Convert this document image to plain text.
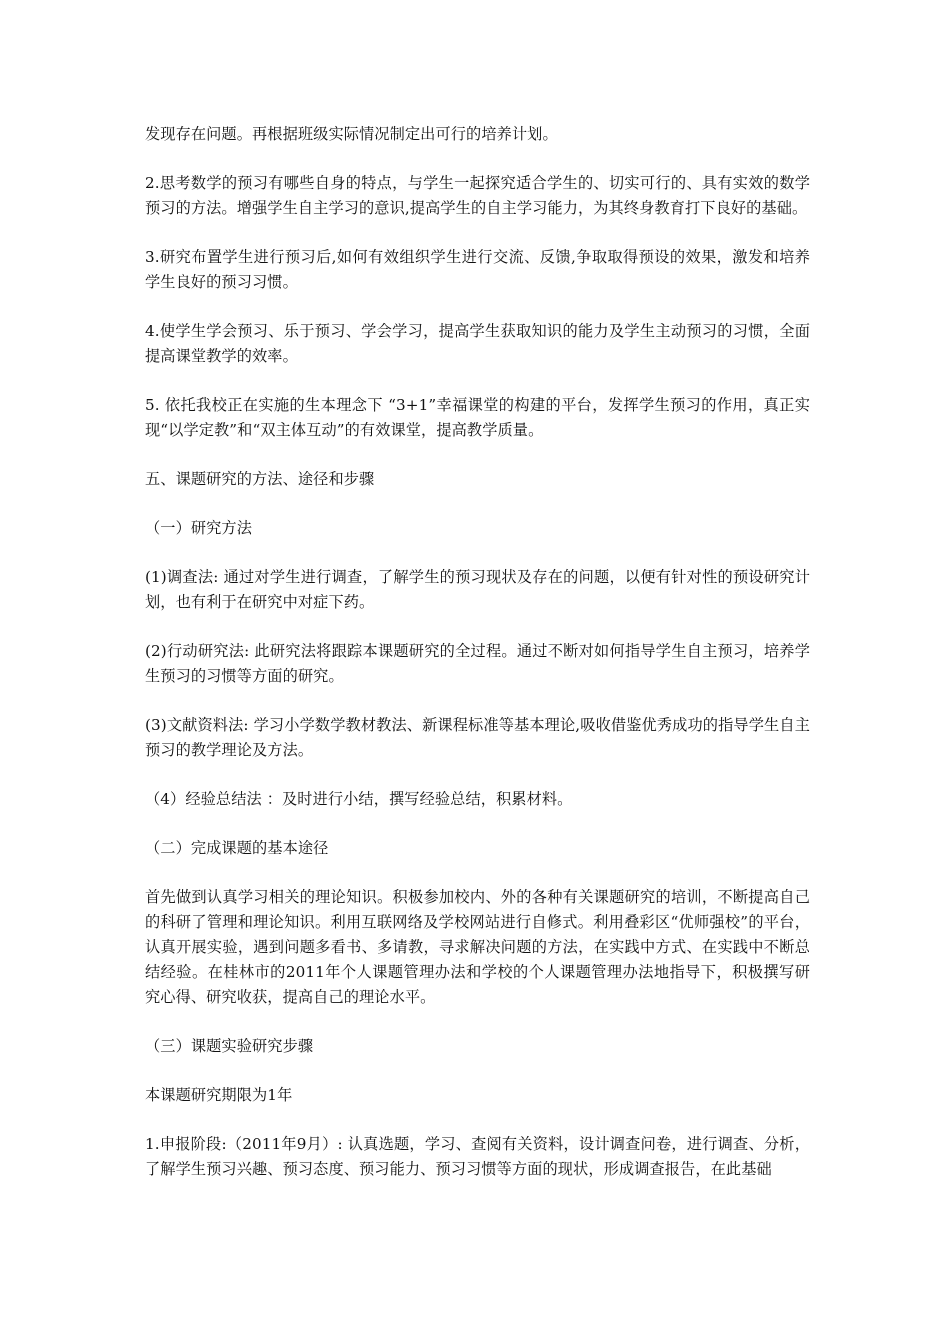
发现存在问题。再根据班级实际情况制定出可行的培养计划。

2.思考数学的预习有哪些自身的特点，与学生一起探究适合学生的、切实可行的、具有实效的数学预习的方法。增强学生自主学习的意识,提高学生的自主学习能力，为其终身教育打下良好的基础。

3.研究布置学生进行预习后,如何有效组织学生进行交流、反馈,争取取得预设的效果，激发和培养学生良好的预习习惯。

4.使学生学会预习、乐于预习、学会学习，提高学生获取知识的能力及学生主动预习的习惯，全面提高课堂教学的效率。

5. 依托我校正在实施的生本理念下 “3+1”幸福课堂的构建的平台，发挥学生预习的作用，真正实现“以学定教”和“双主体互动”的有效课堂，提高教学质量。

五、课题研究的方法、途径和步骤

（一）研究方法

(1)调查法: 通过对学生进行调查，了解学生的预习现状及存在的问题，以便有针对性的预设研究计划，也有利于在研究中对症下药。

(2)行动研究法: 此研究法将跟踪本课题研究的全过程。通过不断对如何指导学生自主预习，培养学生预习的习惯等方面的研究。

(3)文献资料法: 学习小学数学教材教法、新课程标准等基本理论,吸收借鉴优秀成功的指导学生自主预习的教学理论及方法。

（4）经验总结法 ：及时进行小结，撰写经验总结，积累材料。

（二）完成课题的基本途径

首先做到认真学习相关的理论知识。积极参加校内、外的各种有关课题研究的培训，不断提高自己的科研了管理和理论知识。利用互联网络及学校网站进行自修式。利用叠彩区“优师强校”的平台，认真开展实验，遇到问题多看书、多请教，寻求解决问题的方法，在实践中方式、在实践中不断总结经验。在桂林市的2011年个人课题管理办法和学校的个人课题管理办法地指导下，积极撰写研究心得、研究收获，提高自己的理论水平。

（三）课题实验研究步骤

本课题研究期限为1年

1.申报阶段:（2011年9月）: 认真选题，学习、查阅有关资料，设计调查问卷，进行调查、分析，了解学生预习兴趣、预习态度、预习能力、预习习惯等方面的现状，形成调查报告，在此基础
